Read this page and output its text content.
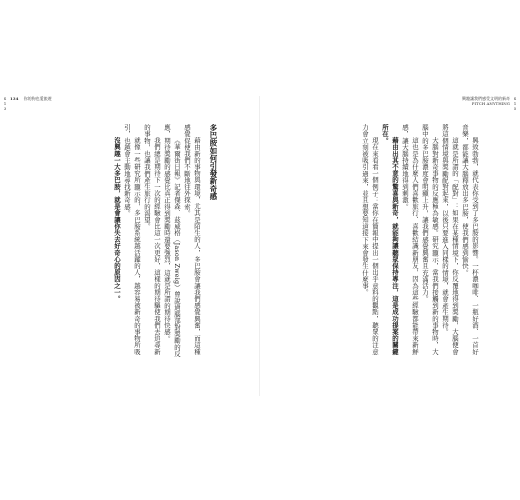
S 1 3
134 你的狗也愛旅遊

多巴胺如何引發新奇感

藉由新的事物與環境，尤其是陌生的人，多巴胺會讓我們感覺興奮，而這種感覺促使我們不斷地往外探索。

《華爾街日報》記者傑森．茲威格（Jason Zweig）曾說過腦部對獎勵的反應，期待獎勵的感覺比真正得到獎勵時還要強烈，這就是所謂的期待快感。

我們總是期待下一次的經驗會比這一次更好，這樣的期待驅使我們去追尋新的事物，也讓我們產生旅行的渴望。

就像一些研究所顯示的，多巴胺系統越活躍的人，越容易被新奇的事物所吸引，也越會主動地尋找新奇感。

沒興趣一大多巴胺，就是會讓你失去好奇心的原因之一。

S 1 5
興趣讓我們感受文明的新奇
PITCH ANYTHING

興致勃勃，就代表你受到了多巴胺的影響。一杯濃咖啡、一瓶好酒、一首好音樂，都能讓大腦釋放出多巴胺，使我們感到愉快。

這就是所謂的「配對」：如果在某種情境下，你反覆地得到獎勵，大腦便會將這個情境與獎勵配對起來，以後只要進入同樣的情境，就會產生期待。

大腦對新奇事物的反應極為敏感。研究顯示，當我們接觸到新的事物時，大腦中的多巴胺濃度會明顯上升，讓我們感覺興奮且充滿活力。

這也是為什麼人們喜歡旅行、喜歡結識新朋友，因為這些經驗都能帶來新鮮感，讓大腦持續地得到刺激。

藉由出其不意的驚喜與新奇，就能夠讓聽眾保持專注，這是成功提案的關鍵所在。

現在來看看一個例子：當你在簡報中提出一個出乎意料的觀點，聽眾的注意力會立刻被吸引過來，並且想要知道接下來會發生什麼事。
